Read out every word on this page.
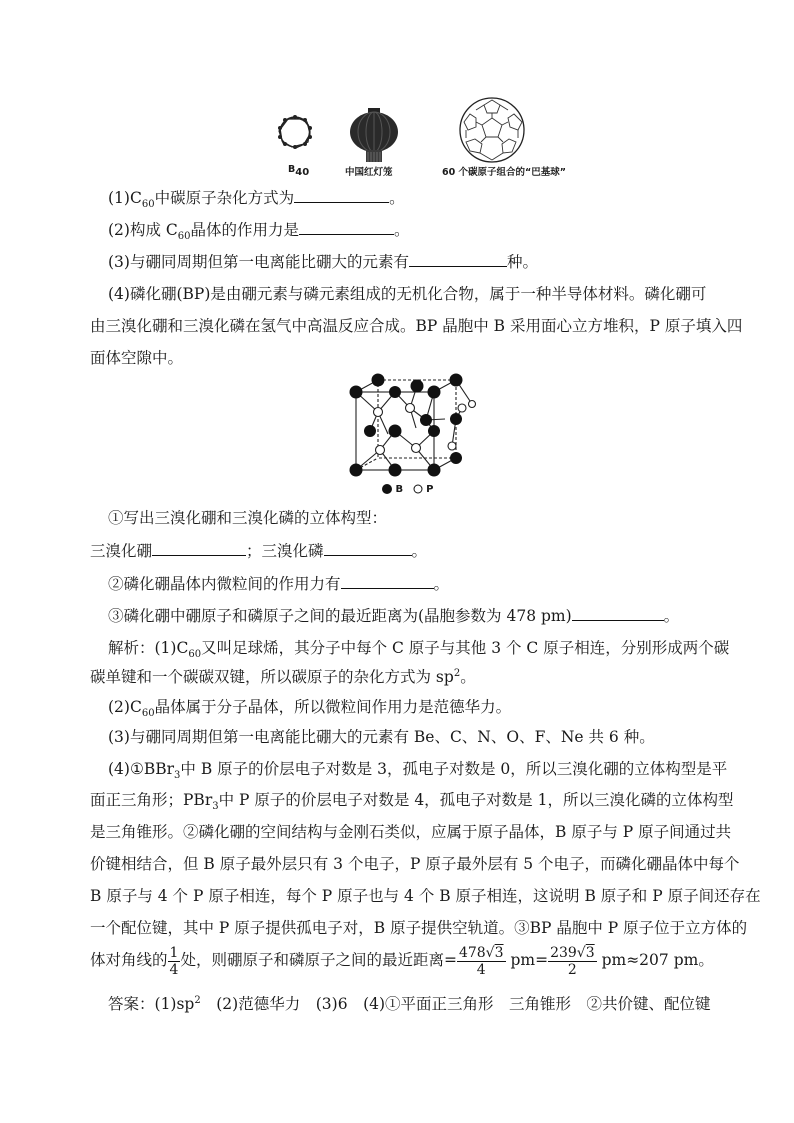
$B_{40}$	中国红灯笼	60 个碳原子组合的“巴基球”
$(1)C_{60}$中碳原子杂化方式为	。
(2)构成 $C_{60}$晶体的作用力是	。
(3)与硼同周期但第一电离能比硼大的元素有	种。
(4)磷化硼(BP)是由硼元素与磷元素组成的无机化合物，属于一种半导体材料。磷化硼可
由三溴化硼和三溴化磷在氢气中高温反应合成。BP 晶胞中 B 采用面心立方堆积，P 原子填入四
面体空隙中。
B P
①写出三溴化硼和三溴化磷的立体构型：
三溴化硼	；三溴化磷	。
②磷化硼晶体内微粒间的作用力有	。
③磷化硼中硼原子和磷原子之间的最近距离为(晶胞参数为 478 pm)	。
解析：$(1)C_{60}$又叫足球烯，其分子中每个 C 原子与其他 3 个 C 原子相连，分别形成两个碳
碳单键和一个碳碳双键，所以碳原子的杂化方式为 $sp^2$。
$(2)C_{60}$晶体属于分子晶体，所以微粒间作用力是范德华力。
(3)与硼同周期但第一电离能比硼大的元素有 Be、C、N、O、F、Ne 共 6 种。
(4)①BBr$_3$中 B 原子的价层电子对数是 3，孤电子对数是 0，所以三溴化硼的立体构型是平
面正三角形；PBr$_3$中 P 原子的价层电子对数是 4，孤电子对数是 1，所以三溴化磷的立体构型
是三角锥形。②磷化硼的空间结构与金刚石类似，应属于原子晶体，B 原子与 P 原子间通过共
价键相结合，但 B 原子最外层只有 3 个电子，P 原子最外层有 5 个电子，而磷化硼晶体中每个
B 原子与 4 个 P 原子相连，每个 P 原子也与 4 个 B 原子相连，这说明 B 原子和 P 原子间还存在
一个配位键，其中 P 原子提供孤电子对，B 原子提供空轨道。③BP 晶胞中 P 原子位于立方体的
体对角线的 $\frac{1}{4}$ 处，则硼原子和磷原子之间的最近距离= $\frac{478√3}{4} pm= \frac{239√3}{2} pm\approx 207$ pm。
答案：$(1)sp^2$　 (2)范德华力　 (3)6　 (4)①平面正三角形　三角锥形　②共价键、配位键
